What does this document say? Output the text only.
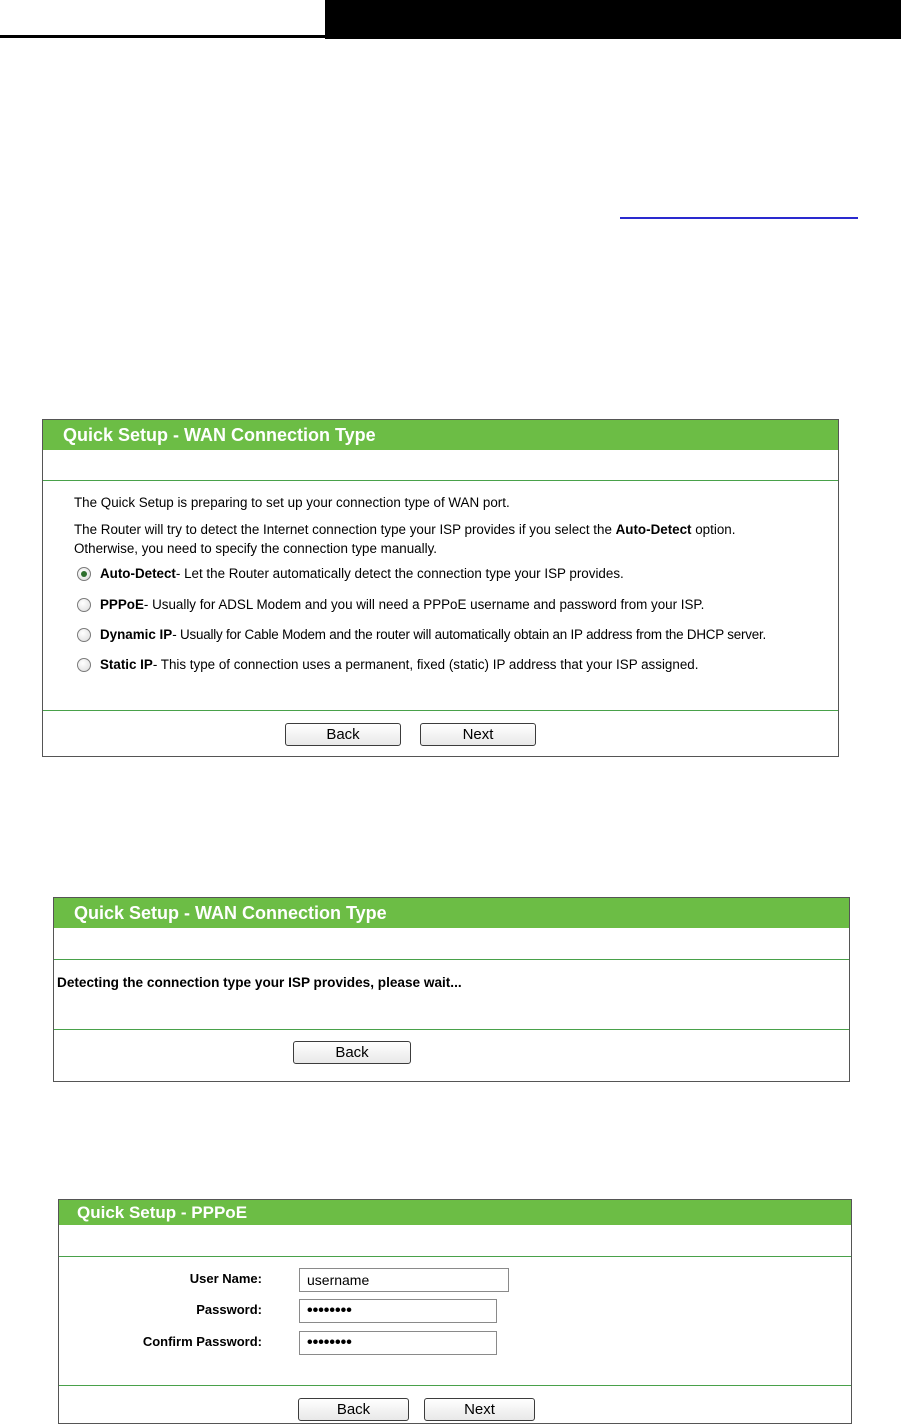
Quick Setup - WAN Connection Type
The Quick Setup is preparing to set up your connection type of WAN port.
The Router will try to detect the Internet connection type your ISP provides if you select the Auto-Detect option.
Otherwise, you need to specify the connection type manually.
Auto-Detect - Let the Router automatically detect the connection type your ISP provides.
PPPoE - Usually for ADSL Modem and you will need a PPPoE username and password from your ISP.
Dynamic IP - Usually for Cable Modem and the router will automatically obtain an IP address from the DHCP server.
Static IP - This type of connection uses a permanent, fixed (static) IP address that your ISP assigned.
Back	Next
Quick Setup - WAN Connection Type
Detecting the connection type your ISP provides, please wait...
Back
Quick Setup - PPPoE
User Name:	username
Password:	••••••••
Confirm Password:	••••••••
Back	Next
